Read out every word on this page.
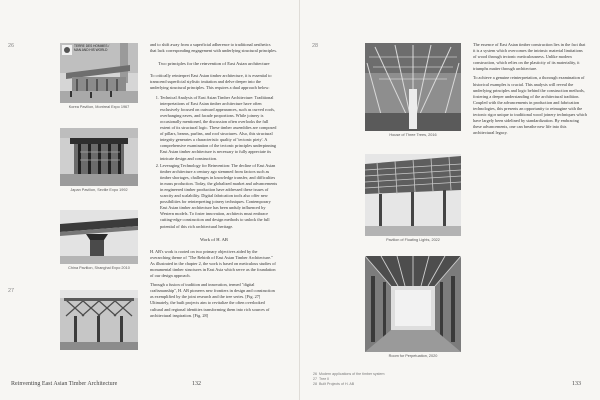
26	TERRE DES HOMMES / MAN AND HIS WORLD
Korea Pavilion, Montreal Expo 1967
Japan Pavilion, Seville Expo 1992
China Pavilion, Shanghai Expo 2010
27

and to shift away from a superficial adherence to traditional aesthetics that lack corresponding engagement with underlying structural principles.

Two principles for the reinvention of East Asian architecture

To critically reinterpret East Asian timber architecture, it is essential to transcend superficial stylistic imitation and delve deeper into the underlying structural principles. This requires a dual approach below:

1. Technical Analysis of East Asian Timber Architecture: Traditional interpretations of East Asian timber architecture have often exclusively focused on outward appearances, such as curved roofs, overhanging eaves, and facade proportions. While joinery is occasionally mentioned, the discussion often overlooks the full extent of its structural logic. These timber assemblies are composed of pillars, beams, purlins, and roof structures. Also, this structural integrity generates a characteristic quality of 'tectonic piety'. A comprehensive examination of the tectonic principles underpinning East Asian timber architecture is necessary to fully appreciate its intricate design and construction.
2. Leveraging Technology for Reinvention: The decline of East Asian timber architecture a century ago stemmed from factors such as timber shortages, challenges in knowledge transfer, and difficulties in mass production. Today, the globalized market and advancements in engineered timber production have addressed these issues of scarcity and scalability. Digital fabrication tools also offer new possibilities for reinterpreting joinery techniques. Contemporary East Asian timber architecture has been unduly influenced by Western models. To foster innovation, architects must embrace cutting-edge construction and design methods to unlock the full potential of this rich architectural heritage.
Work of H. AB

H. AB's work is rooted on two primary objectives aided by the overarching theme of "The Rebirth of East Asian Timber Architecture." As illustrated in the chapter 2, the work is based on meticulous studies of monumental timber structures in East Asia which serve as the foundation of our design approach.

Through a fusion of tradition and innovation, termed "digital craftsmanship", H. AB pioneers new frontiers in design and construction as exemplified by the joint research and the tree series. [Fig. 27] Ultimately, the built projects aim to revitalize the often overlooked cultural and regional identities transforming them into rich sources of architectural inspiration. [Fig. 28]

Reinventing East Asian Timber Architecture	132
28
House of Three Trees, 2016
Pavilion of Floating Lights, 2022
Room for Perpetuation, 2020

The essence of East Asian timber construction lies in the fact that it is a system which overcomes the intrinsic material limitations of wood through tectonic meticulousness. Unlike modern construction, which relies on the plasticity of its materiality, it triumphs matter through architecture.

To achieve a genuine reinterpretation, a thorough examination of historical examples is crucial. This analysis will reveal the underlying principles and logic behind the construction methods, fostering a deeper understanding of the architectural tradition. Coupled with the advancements in production and fabrication technologies, this presents an opportunity to reimagine with the tectonic rigor unique to traditional wood joinery techniques which have largely been sidelined by standardization. By embracing these advancements, one can breathe new life into this architectural legacy.

26 Modern applications of the timber system
27 Tree II
28 Built Projects of H. AB	133
